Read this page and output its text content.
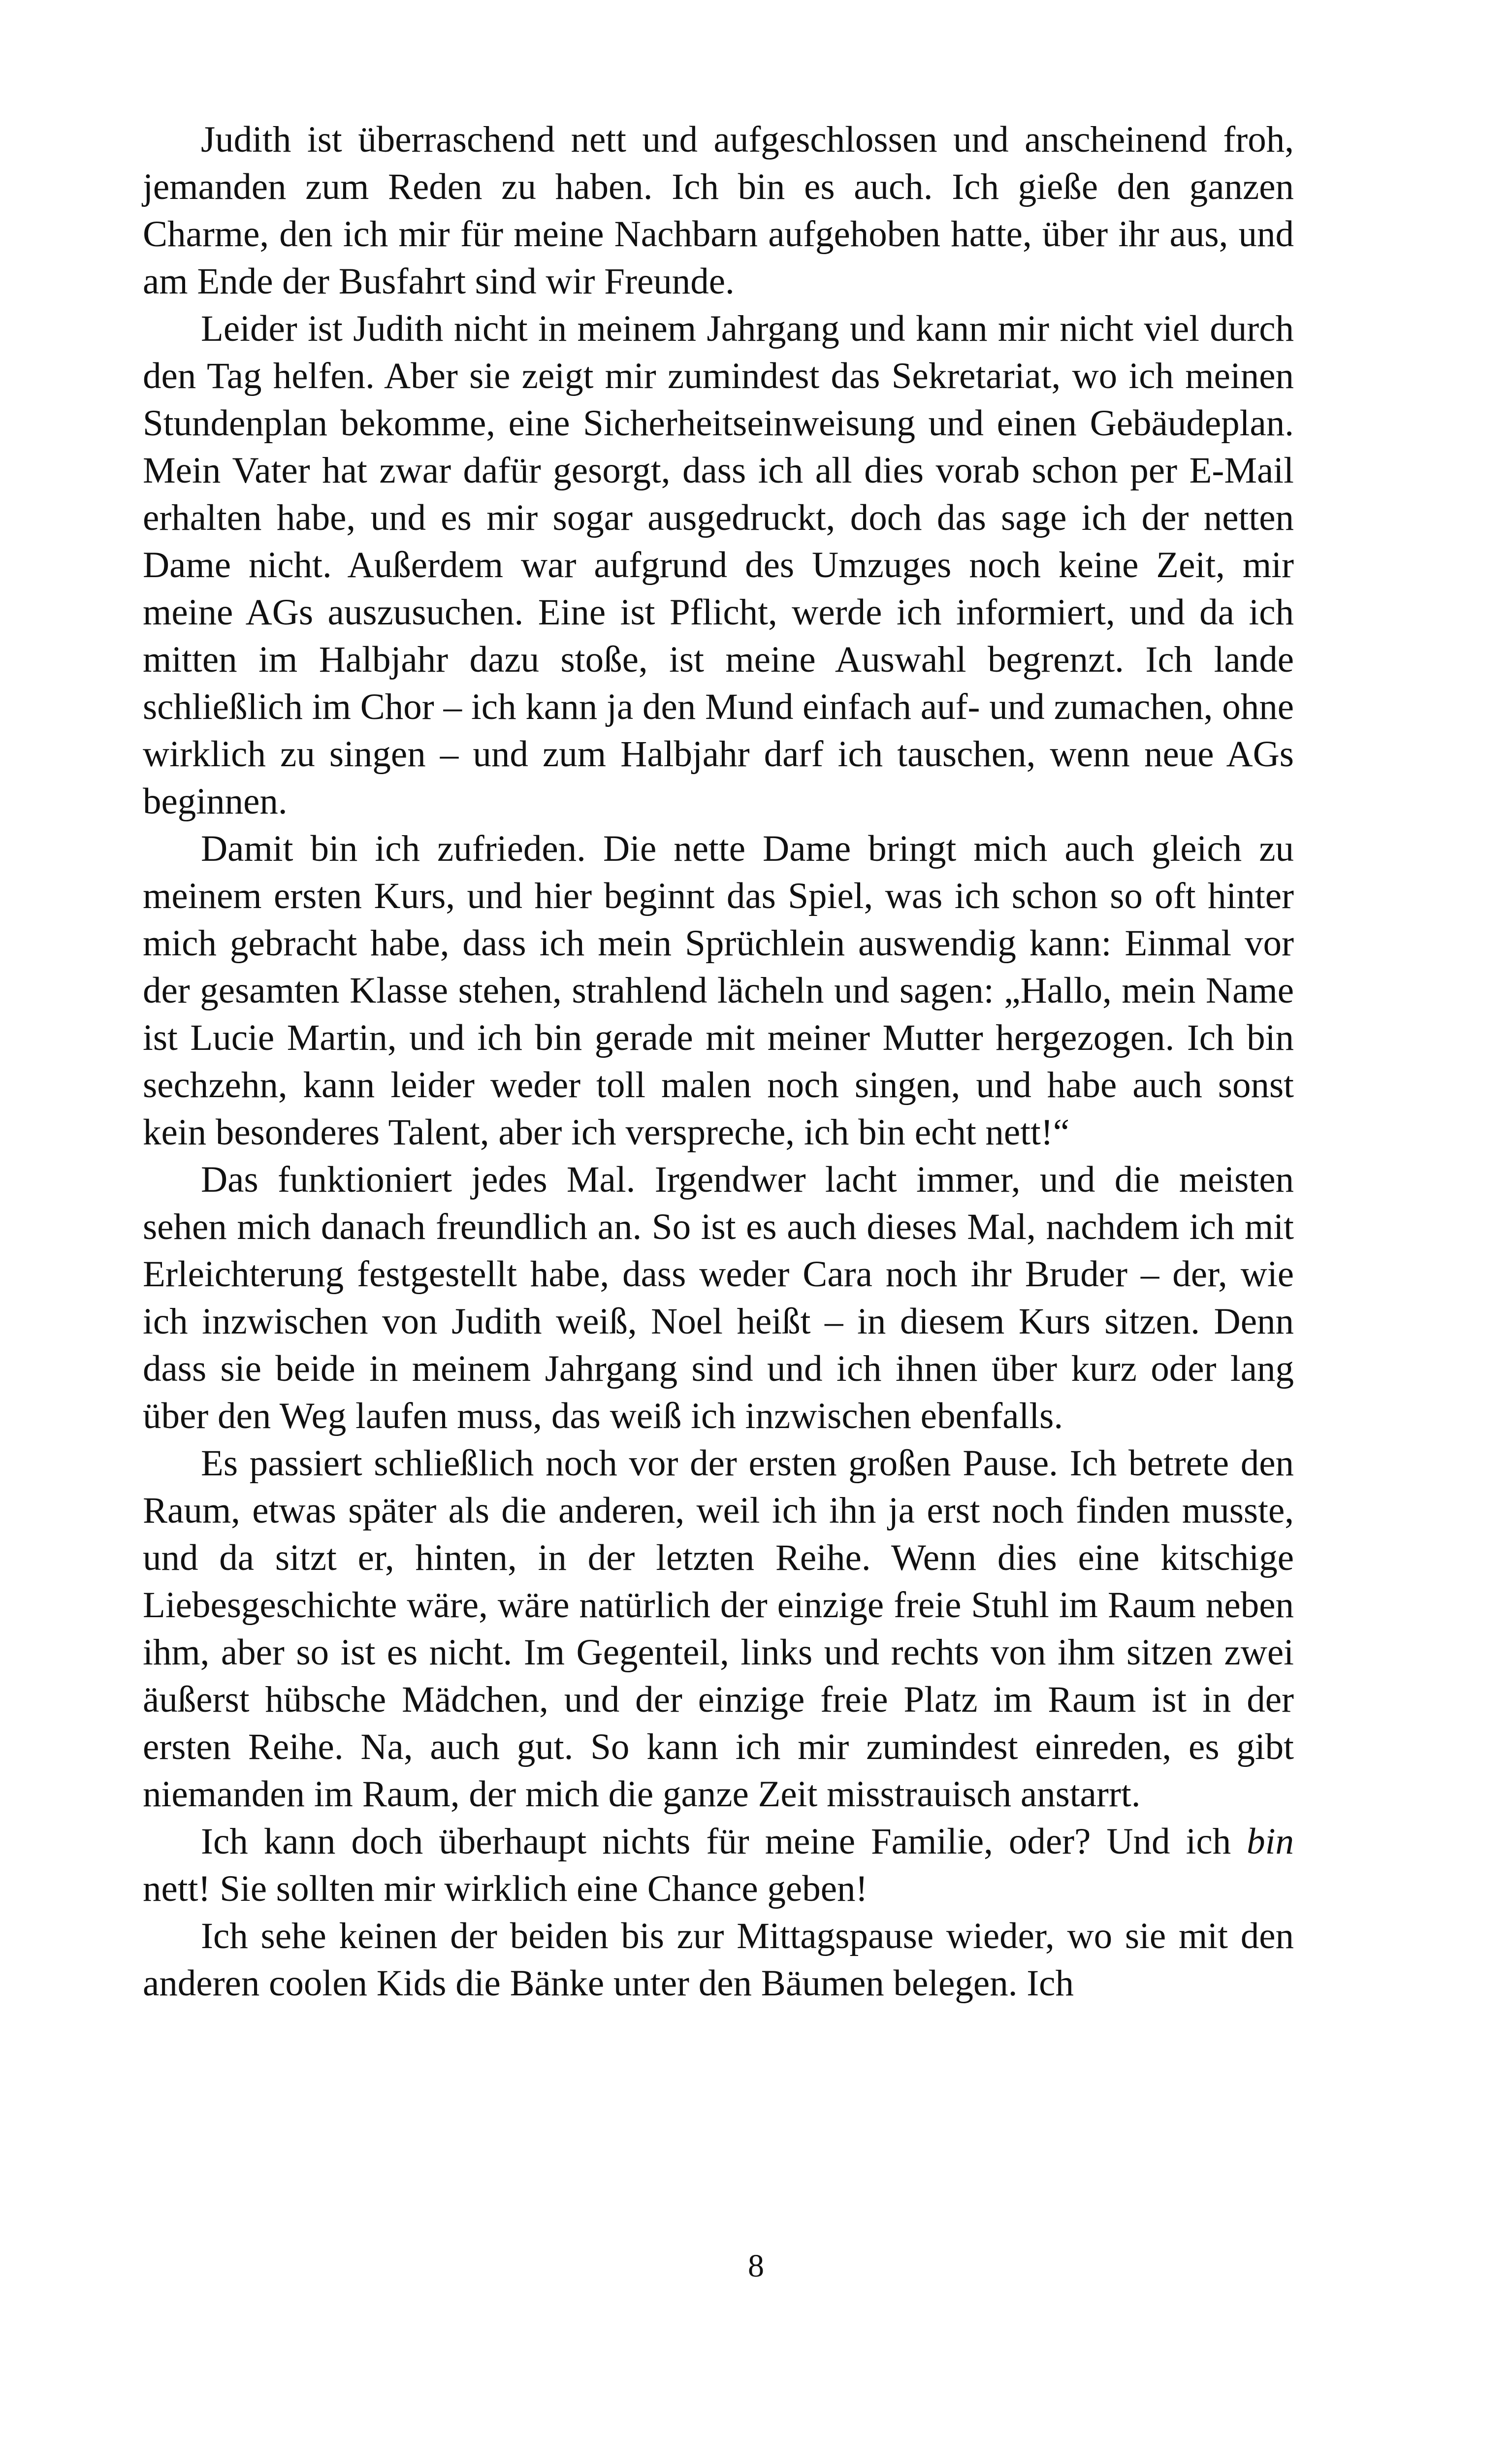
Judith ist überraschend nett und aufgeschlossen und anscheinend froh, jemanden zum Reden zu haben. Ich bin es auch. Ich gieße den ganzen Charme, den ich mir für meine Nachbarn aufgehoben hatte, über ihr aus, und am Ende der Busfahrt sind wir Freunde.

Leider ist Judith nicht in meinem Jahrgang und kann mir nicht viel durch den Tag helfen. Aber sie zeigt mir zumindest das Sekretariat, wo ich meinen Stundenplan bekomme, eine Sicherheitseinweisung und einen Gebäudeplan. Mein Vater hat zwar dafür gesorgt, dass ich all dies vorab schon per E-Mail erhalten habe, und es mir sogar ausgedruckt, doch das sage ich der netten Dame nicht. Außerdem war aufgrund des Umzuges noch keine Zeit, mir meine AGs auszusuchen. Eine ist Pflicht, werde ich informiert, und da ich mitten im Halbjahr dazu stoße, ist meine Auswahl begrenzt. Ich lande schließlich im Chor – ich kann ja den Mund einfach auf- und zumachen, ohne wirklich zu singen – und zum Halbjahr darf ich tauschen, wenn neue AGs beginnen.

Damit bin ich zufrieden. Die nette Dame bringt mich auch gleich zu meinem ersten Kurs, und hier beginnt das Spiel, was ich schon so oft hinter mich gebracht habe, dass ich mein Sprüchlein auswendig kann: Einmal vor der gesamten Klasse stehen, strahlend lächeln und sagen: „Hallo, mein Name ist Lucie Martin, und ich bin gerade mit meiner Mutter hergezogen. Ich bin sechzehn, kann leider weder toll malen noch singen, und habe auch sonst kein besonderes Talent, aber ich verspreche, ich bin echt nett!“

Das funktioniert jedes Mal. Irgendwer lacht immer, und die meisten sehen mich danach freundlich an. So ist es auch dieses Mal, nachdem ich mit Erleichterung festgestellt habe, dass weder Cara noch ihr Bruder – der, wie ich inzwischen von Judith weiß, Noel heißt – in diesem Kurs sitzen. Denn dass sie beide in meinem Jahrgang sind und ich ihnen über kurz oder lang über den Weg laufen muss, das weiß ich inzwischen ebenfalls.

Es passiert schließlich noch vor der ersten großen Pause. Ich betrete den Raum, etwas später als die anderen, weil ich ihn ja erst noch finden musste, und da sitzt er, hinten, in der letzten Reihe. Wenn dies eine kitschige Liebesgeschichte wäre, wäre natürlich der einzige freie Stuhl im Raum neben ihm, aber so ist es nicht. Im Gegenteil, links und rechts von ihm sitzen zwei äußerst hübsche Mädchen, und der einzige freie Platz im Raum ist in der ersten Reihe. Na, auch gut. So kann ich mir zumindest einreden, es gibt niemanden im Raum, der mich die ganze Zeit misstrauisch anstarrt.

Ich kann doch überhaupt nichts für meine Familie, oder? Und ich bin nett! Sie sollten mir wirklich eine Chance geben!

Ich sehe keinen der beiden bis zur Mittagspause wieder, wo sie mit den anderen coolen Kids die Bänke unter den Bäumen belegen. Ich

8
